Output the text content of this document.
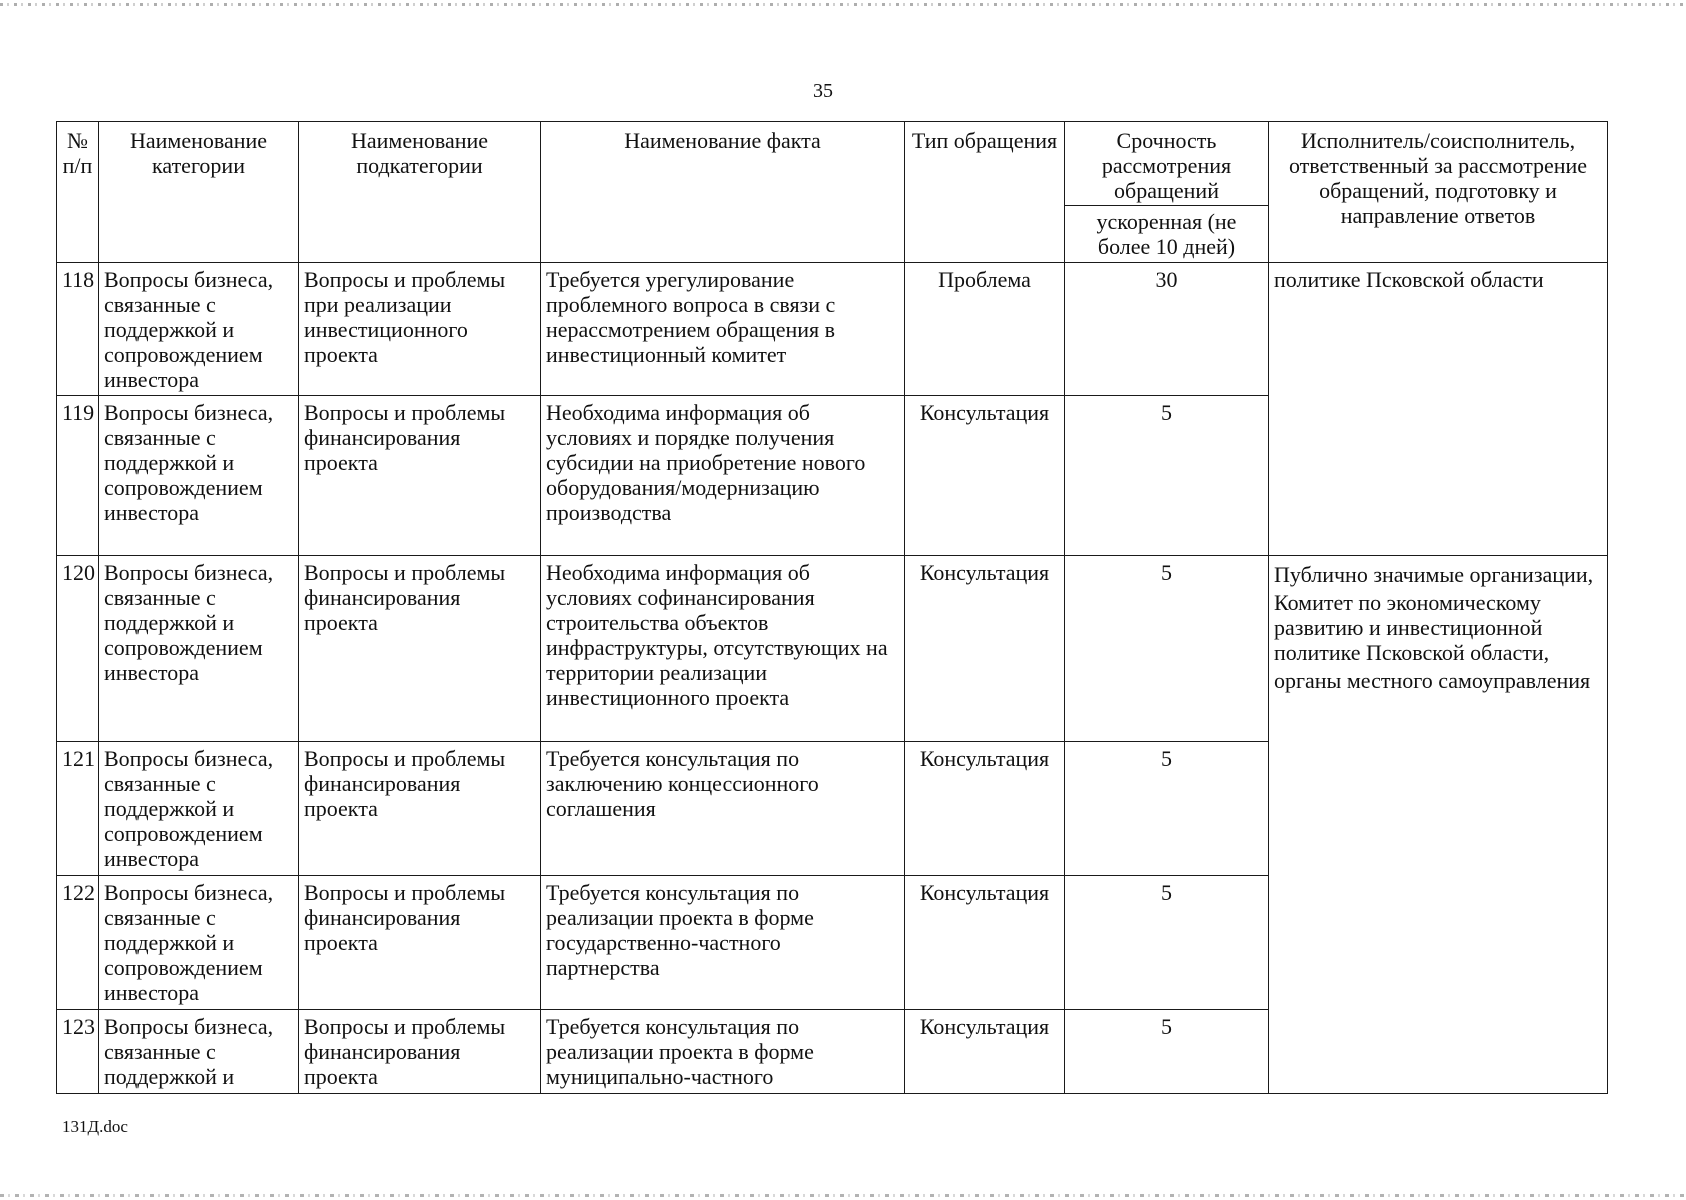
35
№ п/п	Наименование категории	Наименование подкатегории	Наименование факта	Тип обращения	Срочность рассмотрения обращений	Исполнитель/соисполнитель, ответственный за рассмотрение обращений, подготовку и направление ответов
					ускоренная (не более 10 дней)	
118	Вопросы бизнеса, связанные с поддержкой и сопровождением инвестора	Вопросы и проблемы при реализации инвестиционного проекта	Требуется урегулирование проблемного вопроса в связи с нерассмотрением обращения в инвестиционный комитет	Проблема	30	политике Псковской области

119	Вопросы бизнеса, связанные с поддержкой и сопровождением инвестора	Вопросы и проблемы финансирования проекта	Необходима информация об условиях и порядке получения субсидии на приобретение нового оборудования/модернизацию производства	Консультация	5	
120	Вопросы бизнеса, связанные с поддержкой и сопровождением инвестора	Вопросы и проблемы финансирования проекта	Необходима информация об условиях софинансирования строительства объектов инфраструктуры, отсутствующих на территории реализации инвестиционного проекта	Консультация	5	Публично значимые организации,
Комитет по экономическому развитию и инвестиционной политике Псковской области,
органы местного самоуправления

121	Вопросы бизнеса, связанные с поддержкой и сопровождением инвестора	Вопросы и проблемы финансирования проекта	Требуется консультация по заключению концессионного соглашения	Консультация	5	
122	Вопросы бизнеса, связанные с поддержкой и сопровождением инвестора	Вопросы и проблемы финансирования проекта	Требуется консультация по реализации проекта в форме государственно-частного партнерства	Консультация	5	
123	Вопросы бизнеса, связанные с поддержкой и	Вопросы и проблемы финансирования проекта	Требуется консультация по реализации проекта в форме муниципально-частного	Консультация	5	
131Д.doc
